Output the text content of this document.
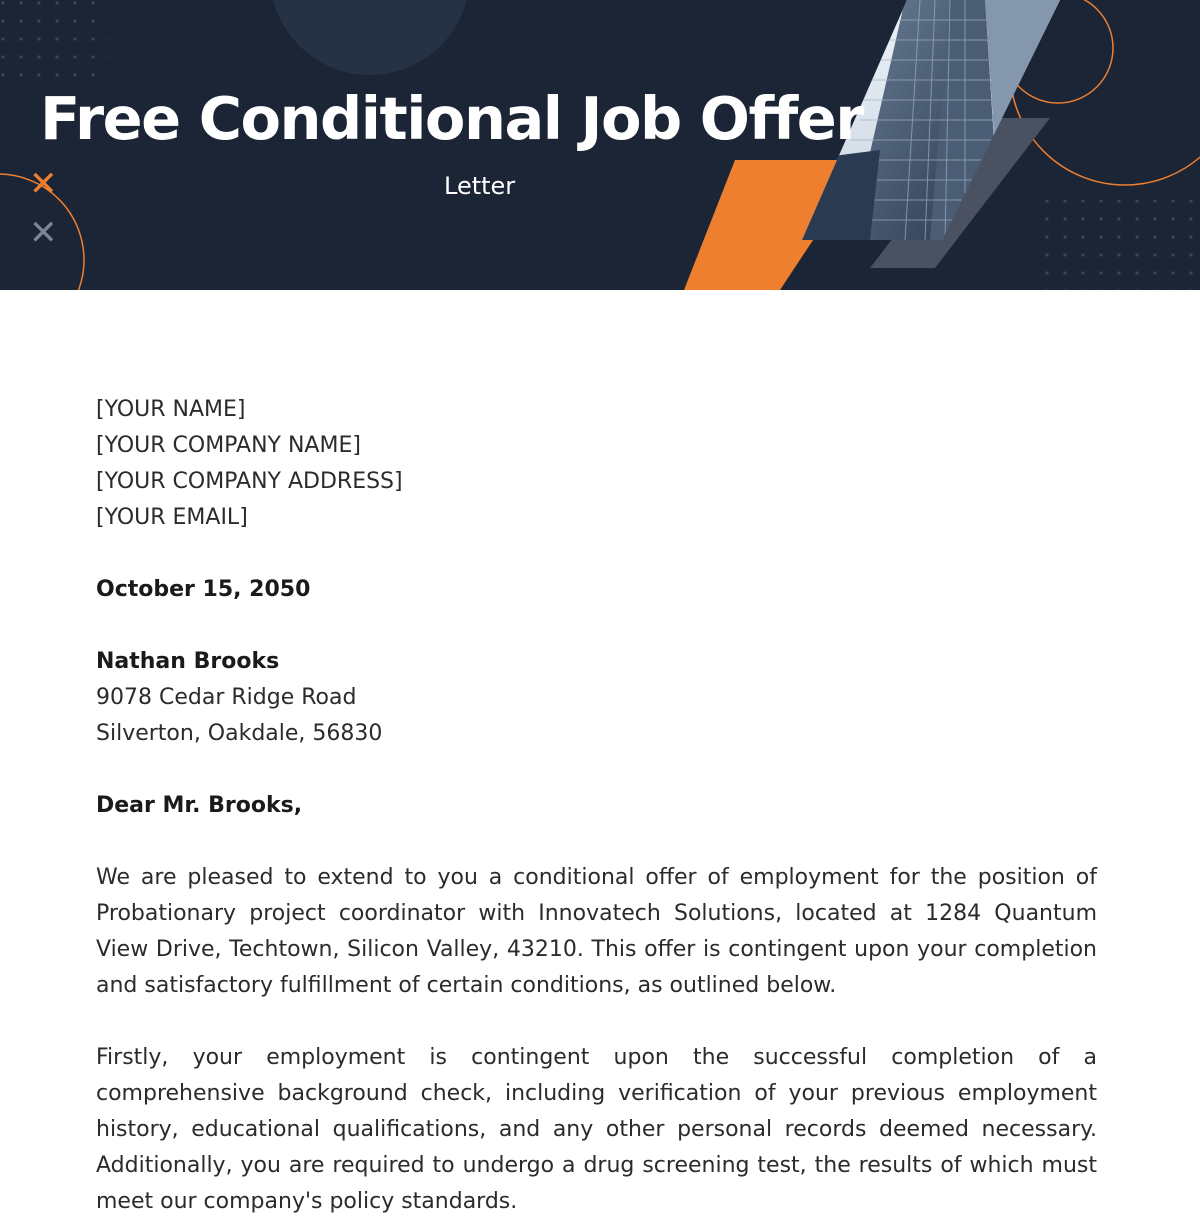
Free Conditional Job Offer
Letter
✕
✕
[YOUR NAME]
[YOUR COMPANY NAME]
[YOUR COMPANY ADDRESS]
[YOUR EMAIL]
October 15, 2050
Nathan Brooks
9078 Cedar Ridge Road
Silverton, Oakdale, 56830
Dear Mr. Brooks,

We are pleased to extend to you a conditional offer of employment for the position of Probationary project coordinator with Innovatech Solutions, located at 1284 Quantum View Drive, Techtown, Silicon Valley, 43210. This offer is contingent upon your completion and satisfactory fulfillment of certain conditions, as outlined below.

Firstly, your employment is contingent upon the successful completion of a comprehensive background check, including verification of your previous employment history, educational qualifications, and any other personal records deemed necessary. Additionally, you are required to undergo a drug screening test, the results of which must meet our company's policy standards.
